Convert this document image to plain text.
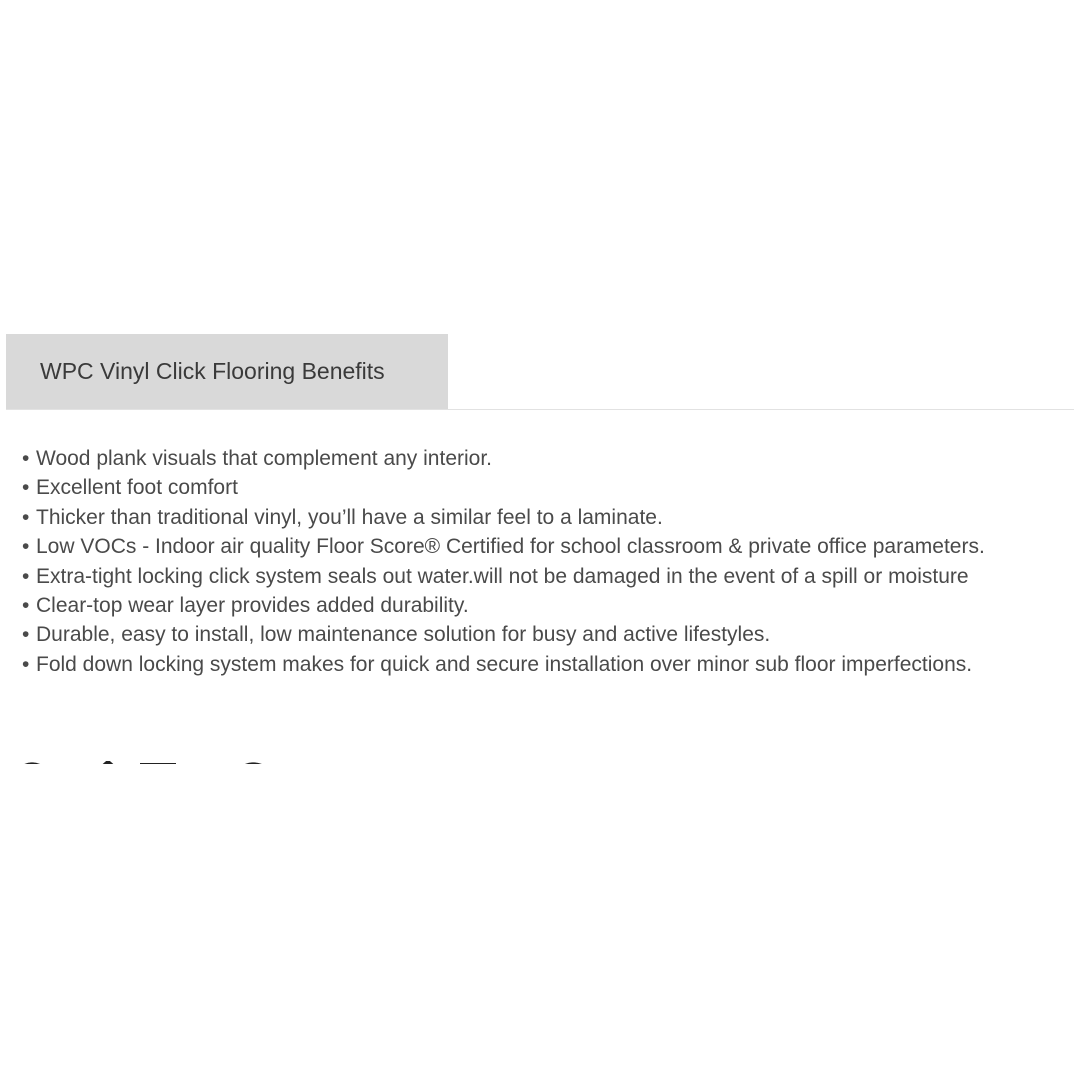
WPC Vinyl Click Flooring Benefits
• Wood plank visuals that complement any interior.
• Excellent foot comfort
• Thicker than traditional vinyl, you’ll have a similar feel to a laminate.
• Low VOCs - Indoor air quality Floor Score® Certified for school classroom & private office parameters.
• Extra-tight locking click system seals out water.will not be damaged in the event of a spill or moisture
• Clear-top wear layer provides added durability.
• Durable, easy to install, low maintenance solution for busy and active lifestyles.
• Fold down locking system makes for quick and secure installation over minor sub floor imperfections.
